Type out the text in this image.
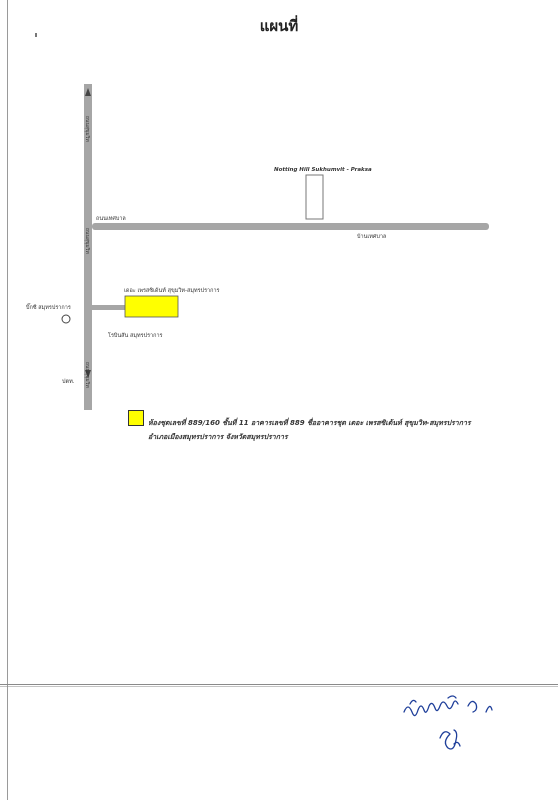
แผนที่
Notting Hill Sukhumvit - Praksa
ถนนเทศบาล
บ้านเทศบาล
ถนนสุขุมวิท
ถนนสุขุมวิท
ถนนสุขุมวิท
บิ๊กซี สมุทรปราการ
เดอะ เพรสซิเด้นท์ สุขุมวิท-สมุทรปราการ
โรบินสัน สมุทรปราการ
ปตท.
ห้องชุดเลขที่ 889/160 ชั้นที่ 11 อาคารเลขที่ 889 ชื่ออาคารชุด เดอะ เพรสซิเด้นท์ สุขุมวิท-สมุทรปราการ
อำเภอเมืองสมุทรปราการ จังหวัดสมุทรปราการ
